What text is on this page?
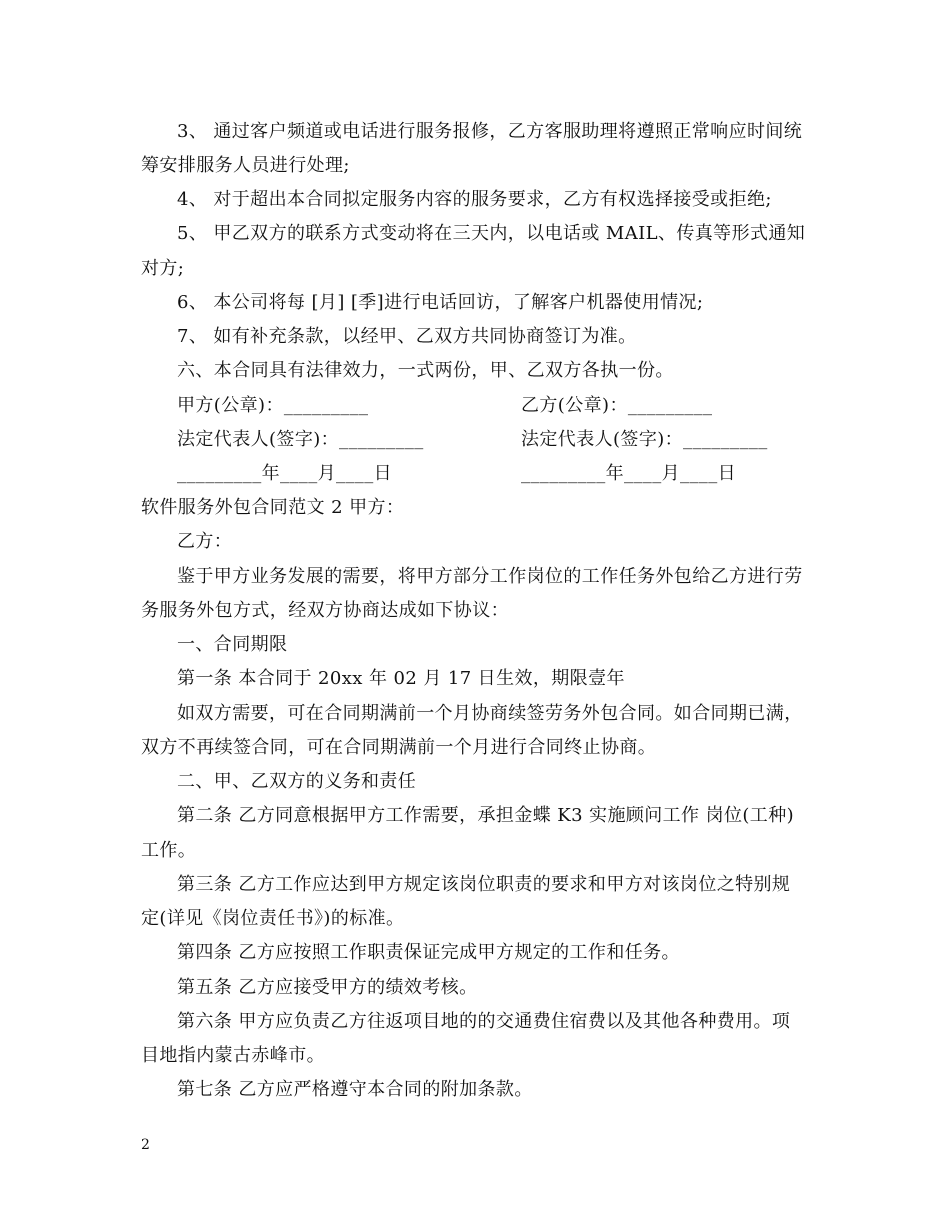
3、 通过客户频道或电话进行服务报修，乙方客服助理将遵照正常响应时间统
筹安排服务人员进行处理;
4、 对于超出本合同拟定服务内容的服务要求，乙方有权选择接受或拒绝;
5、 甲乙双方的联系方式变动将在三天内，以电话或 MAIL、传真等形式通知
对方;
6、 本公司将每 [月] [季]进行电话回访，了解客户机器使用情况;
7、 如有补充条款，以经甲、乙双方共同协商签订为准。
六、本合同具有法律效力，一式两份，甲、乙双方各执一份。
甲方(公章)：_________	乙方(公章)：_________
法定代表人(签字)：_________	法定代表人(签字)：_________
_________年____月____日	_________年____月____日
软件服务外包合同范文 2 甲方：
乙方：
鉴于甲方业务发展的需要，将甲方部分工作岗位的工作任务外包给乙方进行劳
务服务外包方式，经双方协商达成如下协议：
一、合同期限
第一条 本合同于 20xx 年 02 月 17 日生效，期限壹年
如双方需要，可在合同期满前一个月协商续签劳务外包合同。如合同期已满，
双方不再续签合同，可在合同期满前一个月进行合同终止协商。
二、甲、乙双方的义务和责任
第二条 乙方同意根据甲方工作需要，承担金蝶 K3 实施顾问工作 岗位(工种)
工作。
第三条 乙方工作应达到甲方规定该岗位职责的要求和甲方对该岗位之特别规
定(详见《岗位责任书》)的标准。
第四条 乙方应按照工作职责保证完成甲方规定的工作和任务。
第五条 乙方应接受甲方的绩效考核。
第六条 甲方应负责乙方往返项目地的的交通费住宿费以及其他各种费用。项
目地指内蒙古赤峰市。
第七条 乙方应严格遵守本合同的附加条款。
2
